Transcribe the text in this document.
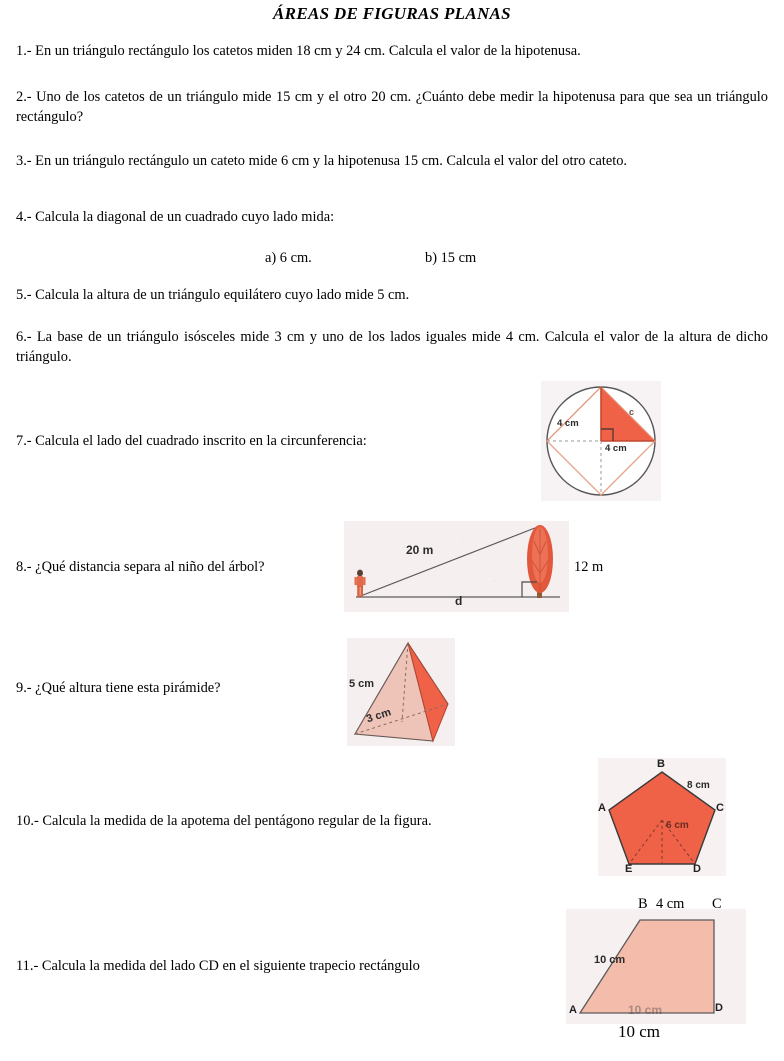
ÁREAS DE FIGURAS PLANAS
1.- En un triángulo rectángulo los catetos miden 18 cm y 24 cm. Calcula el valor de la hipotenusa.
2.- Uno de los catetos de un triángulo mide 15 cm y el otro 20 cm. ¿Cuánto debe medir la hipotenusa para que sea un triángulo rectángulo?
3.- En un triángulo rectángulo un cateto mide 6 cm y la hipotenusa 15 cm. Calcula el valor del otro cateto.
4.- Calcula la diagonal de un cuadrado cuyo lado mida:
a) 6 cm.	b) 15 cm
5.- Calcula la altura de un triángulo equilátero cuyo lado mide 5 cm.
6.- La base de un triángulo isósceles mide 3 cm y uno de los lados iguales mide 4 cm. Calcula el valor de la altura de dicho triángulo.
7.- Calcula el lado del cuadrado inscrito en la circunferencia:
4 cm
4 cm
c
8.- ¿Qué distancia separa al niño del árbol?
20 m
d
12 m
9.- ¿Qué altura tiene esta pirámide?	5 cm
3 cm
10.- Calcula la medida de la apotema del pentágono regular de la figura.
B
A	C
E	D
8 cm
6 cm
11.- Calcula la medida del lado CD en el siguiente trapecio rectángulo
10 cm
10 cm
A	D
B 4 cm C
10 cm
